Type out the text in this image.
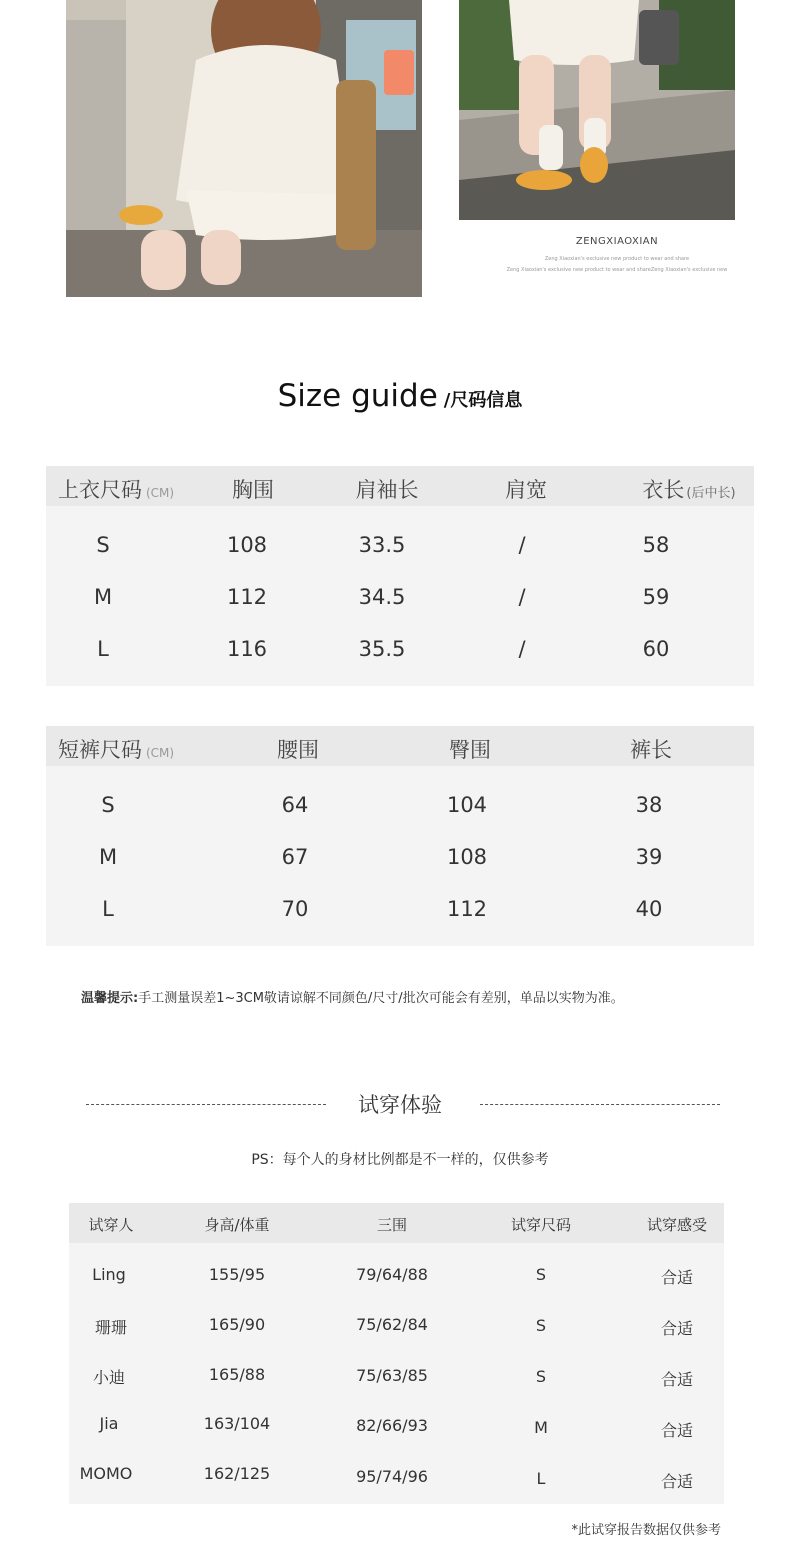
ZENGXIAOXIAN
Zeng Xiaoxian's exclusive new product to wear and share
Zeng Xiaoxian's exclusive new product to wear and shareZeng Xiaoxian's exclusive new
Size guide /尺码信息
上衣尺码 (CM)	胸围	肩袖长	肩宽	衣长 (后中长)
S	108	33.5	/	58
M	112	34.5	/	59
L	116	35.5	/	60
短裤尺码 (CM)	腰围	臀围	裤长
S	64	104	38
M	67	108	39
L	70	112	40
温馨提示:手工测量误差1~3CM敬请谅解不同颜色/尺寸/批次可能会有差别，单品以实物为准。
试穿体验
PS：每个人的身材比例都是不一样的，仅供参考
试穿人	身高/体重	三围	试穿尺码	试穿感受
Ling	155/95	79/64/88	S	合适
珊珊	165/90	75/62/84	S	合适
小迪	165/88	75/63/85	S	合适
Jia	163/104	82/66/93	M	合适
MOMO	162/125	95/74/96	L	合适
*此试穿报告数据仅供参考
